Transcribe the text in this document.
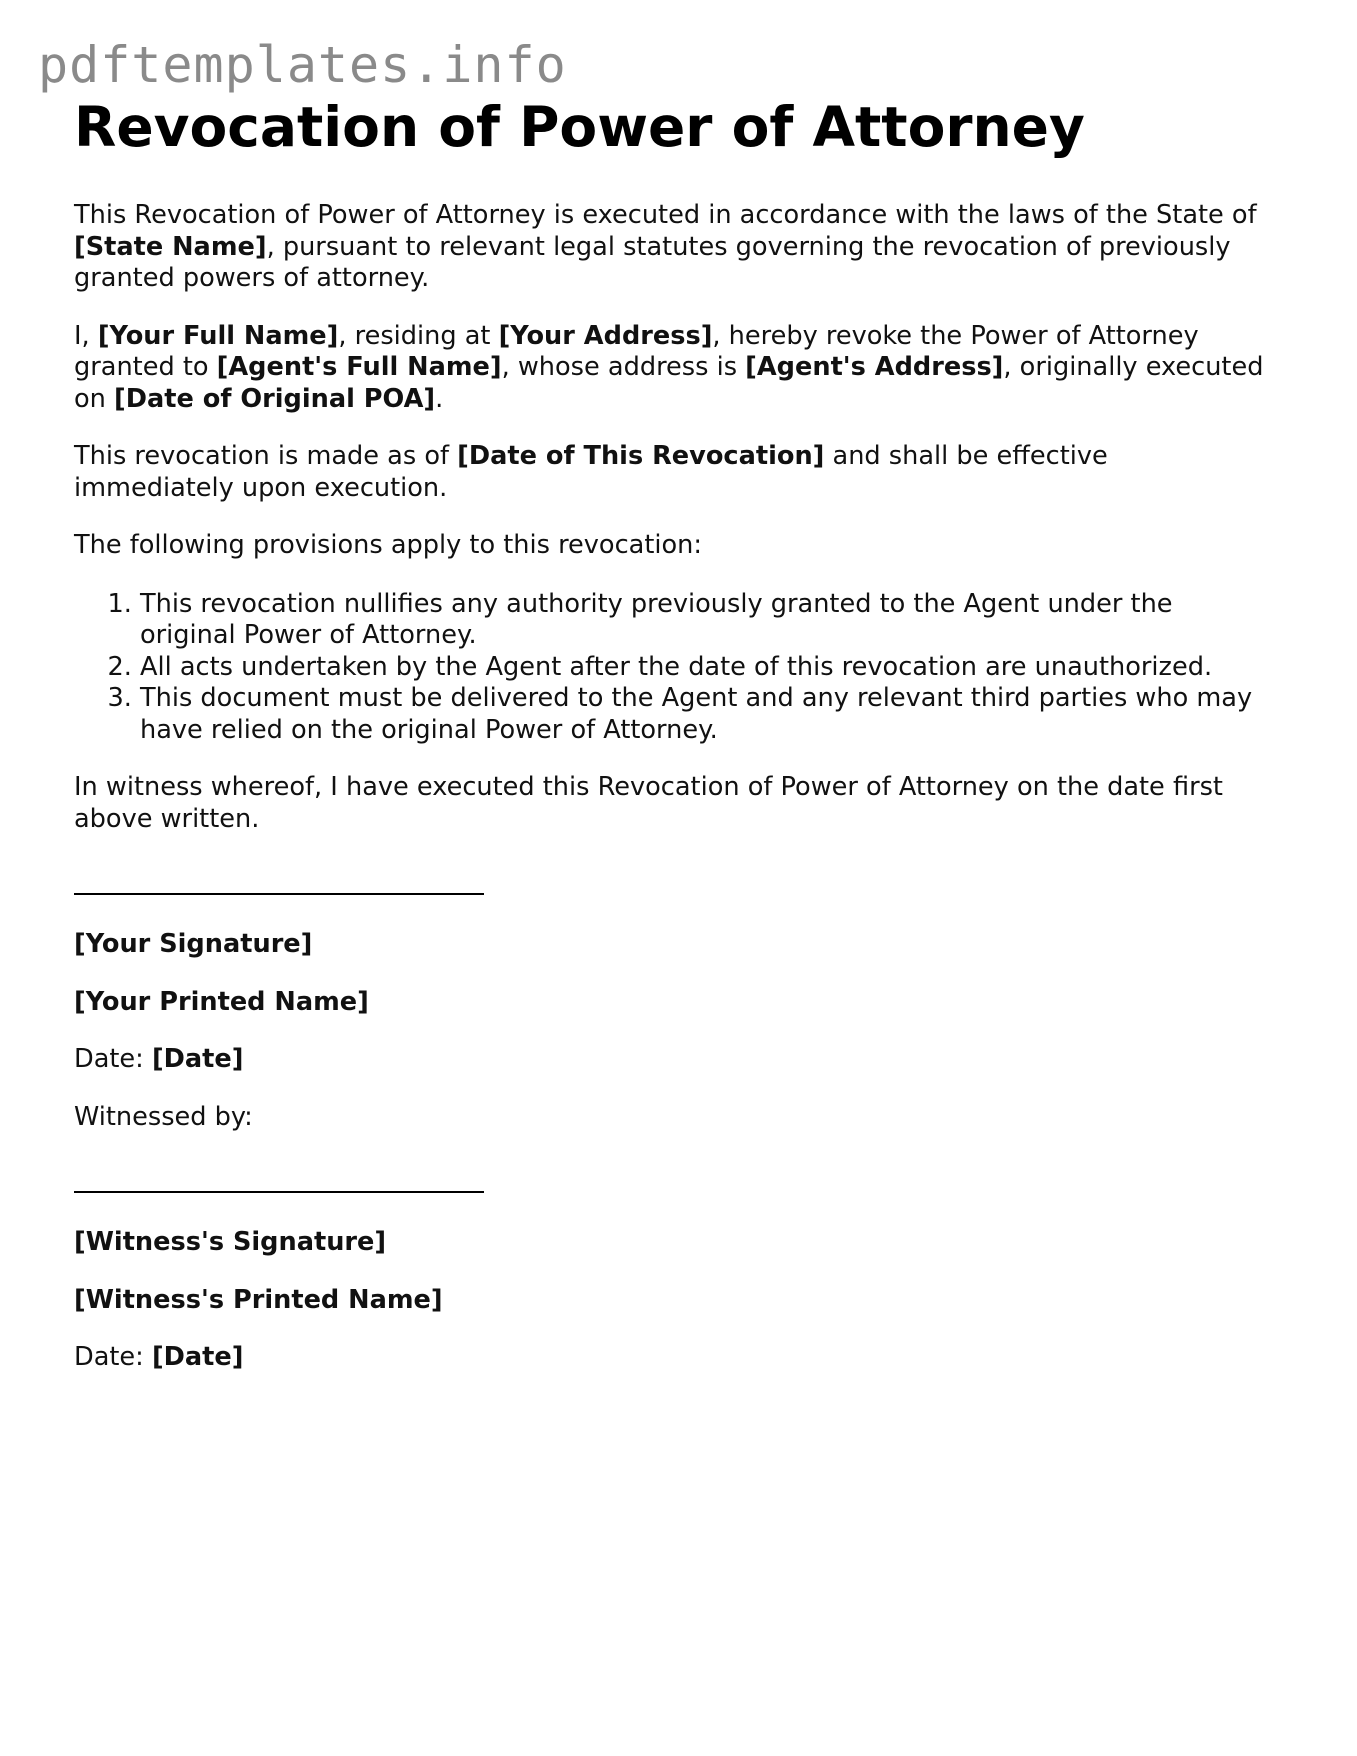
pdftemplates.info
Revocation of Power of Attorney

This Revocation of Power of Attorney is executed in accordance with the laws of the State of [State Name], pursuant to relevant legal statutes governing the revocation of previously granted powers of attorney.

I, [Your Full Name], residing at [Your Address], hereby revoke the Power of Attorney granted to [Agent's Full Name], whose address is [Agent's Address], originally executed on [Date of Original POA].

This revocation is made as of [Date of This Revocation] and shall be effective immediately upon execution.

The following provisions apply to this revocation:

1. This revocation nullifies any authority previously granted to the Agent under the original Power of Attorney.
2. All acts undertaken by the Agent after the date of this revocation are unauthorized.
3. This document must be delivered to the Agent and any relevant third parties who may have relied on the original Power of Attorney.

In witness whereof, I have executed this Revocation of Power of Attorney on the date first above written.

[Your Signature]

[Your Printed Name]

Date: [Date]

Witnessed by:

[Witness's Signature]

[Witness's Printed Name]

Date: [Date]
